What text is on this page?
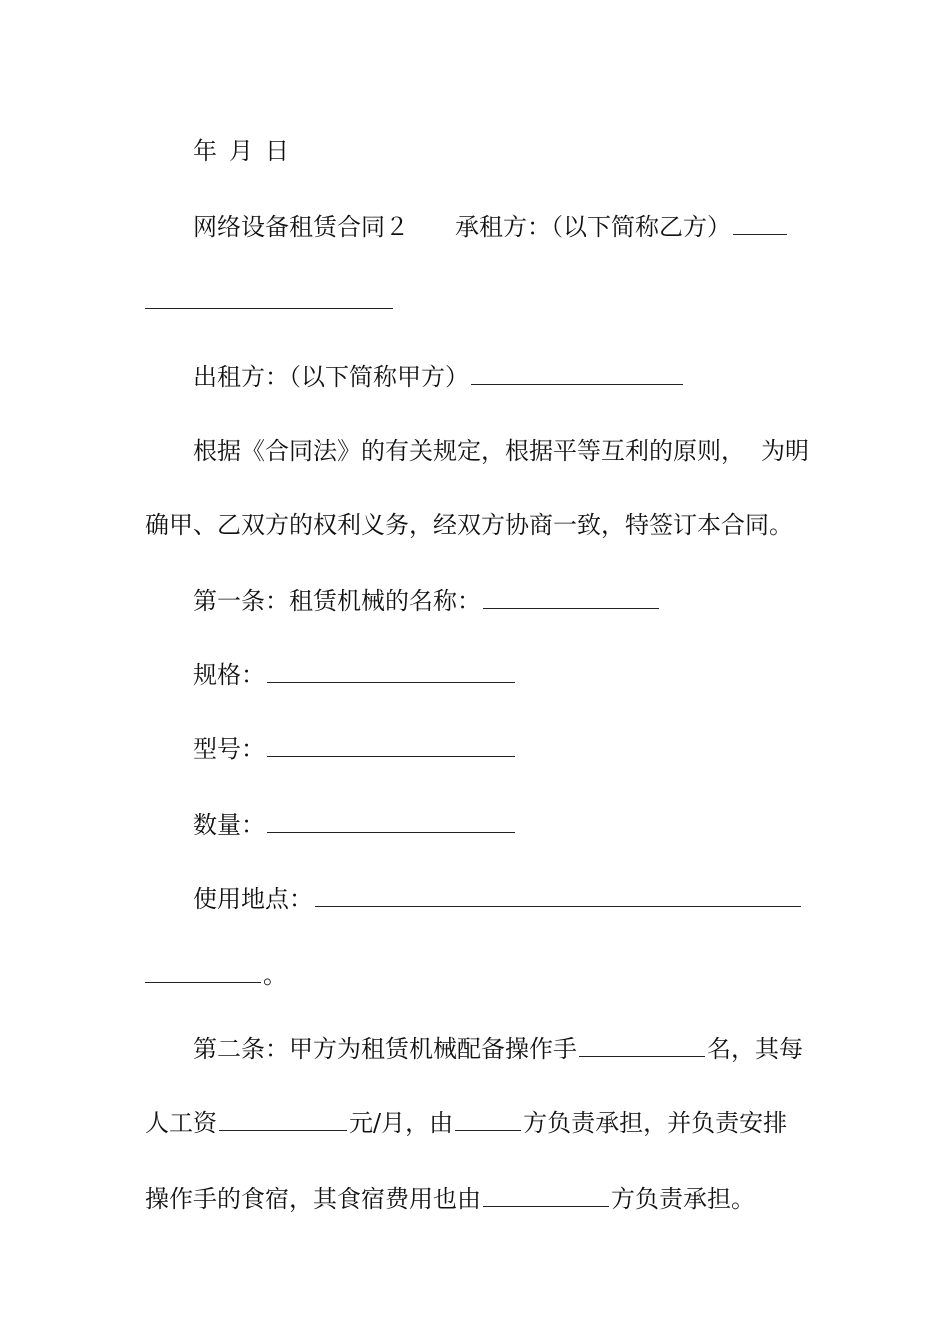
年 月 日
网络设备租赁合同２ 承租方：（以下简称乙方）
出租方：（以下简称甲方）
根据《合同法》的有关规定，根据平等互利的原则， 为明
确甲、乙双方的权利义务，经双方协商一致，特签订本合同。
第一条：租赁机械的名称：
规格：
型号：
数量：
使用地点：
。
第二条：甲方为租赁机械配备操作手	名，其每
人工资	元/月，由	方负责承担，并负责安排
操作手的食宿，其食宿费用也由	方负责承担。
